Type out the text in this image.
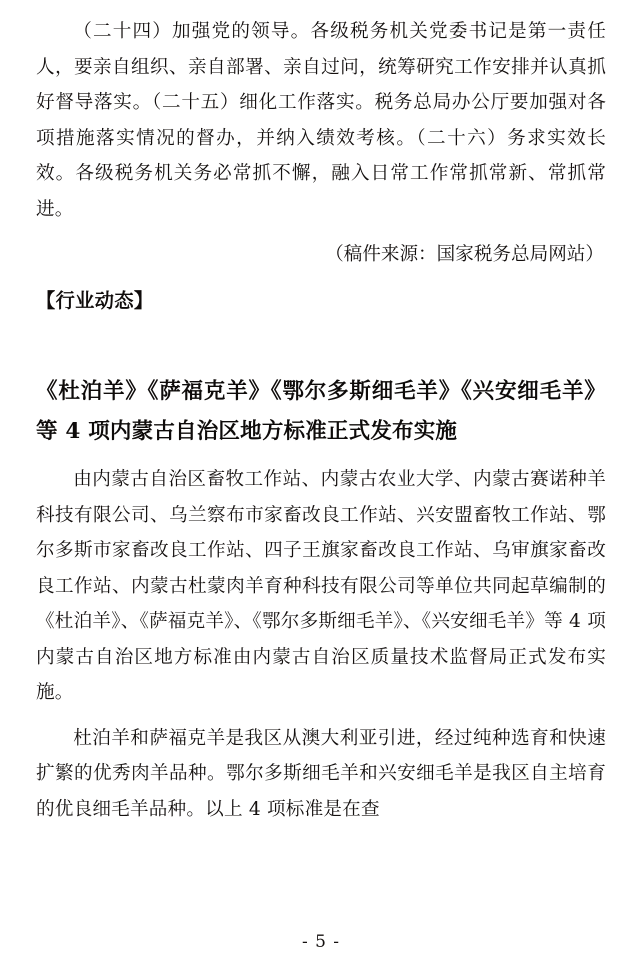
（二十四）加强党的领导。各级税务机关党委书记是第一责任人，要亲自组织、亲自部署、亲自过问，统筹研究工作安排并认真抓好督导落实。（二十五）细化工作落实。税务总局办公厅要加强对各项措施落实情况的督办，并纳入绩效考核。（二十六）务求实效长效。各级税务机关务必常抓不懈，融入日常工作常抓常新、常抓常进。

（稿件来源：国家税务总局网站）

【行业动态】

《杜泊羊》《萨福克羊》《鄂尔多斯细毛羊》《兴安细毛羊》等 4 项内蒙古自治区地方标准正式发布实施

由内蒙古自治区畜牧工作站、内蒙古农业大学、内蒙古赛诺种羊科技有限公司、乌兰察布市家畜改良工作站、兴安盟畜牧工作站、鄂尔多斯市家畜改良工作站、四子王旗家畜改良工作站、乌审旗家畜改良工作站、内蒙古杜蒙肉羊育种科技有限公司等单位共同起草编制的《杜泊羊》、《萨福克羊》、《鄂尔多斯细毛羊》、《兴安细毛羊》等 4 项内蒙古自治区地方标准由内蒙古自治区质量技术监督局正式发布实施。

杜泊羊和萨福克羊是我区从澳大利亚引进，经过纯种选育和快速扩繁的优秀肉羊品种。鄂尔多斯细毛羊和兴安细毛羊是我区自主培育的优良细毛羊品种。以上 4 项标准是在查

- 5 -
